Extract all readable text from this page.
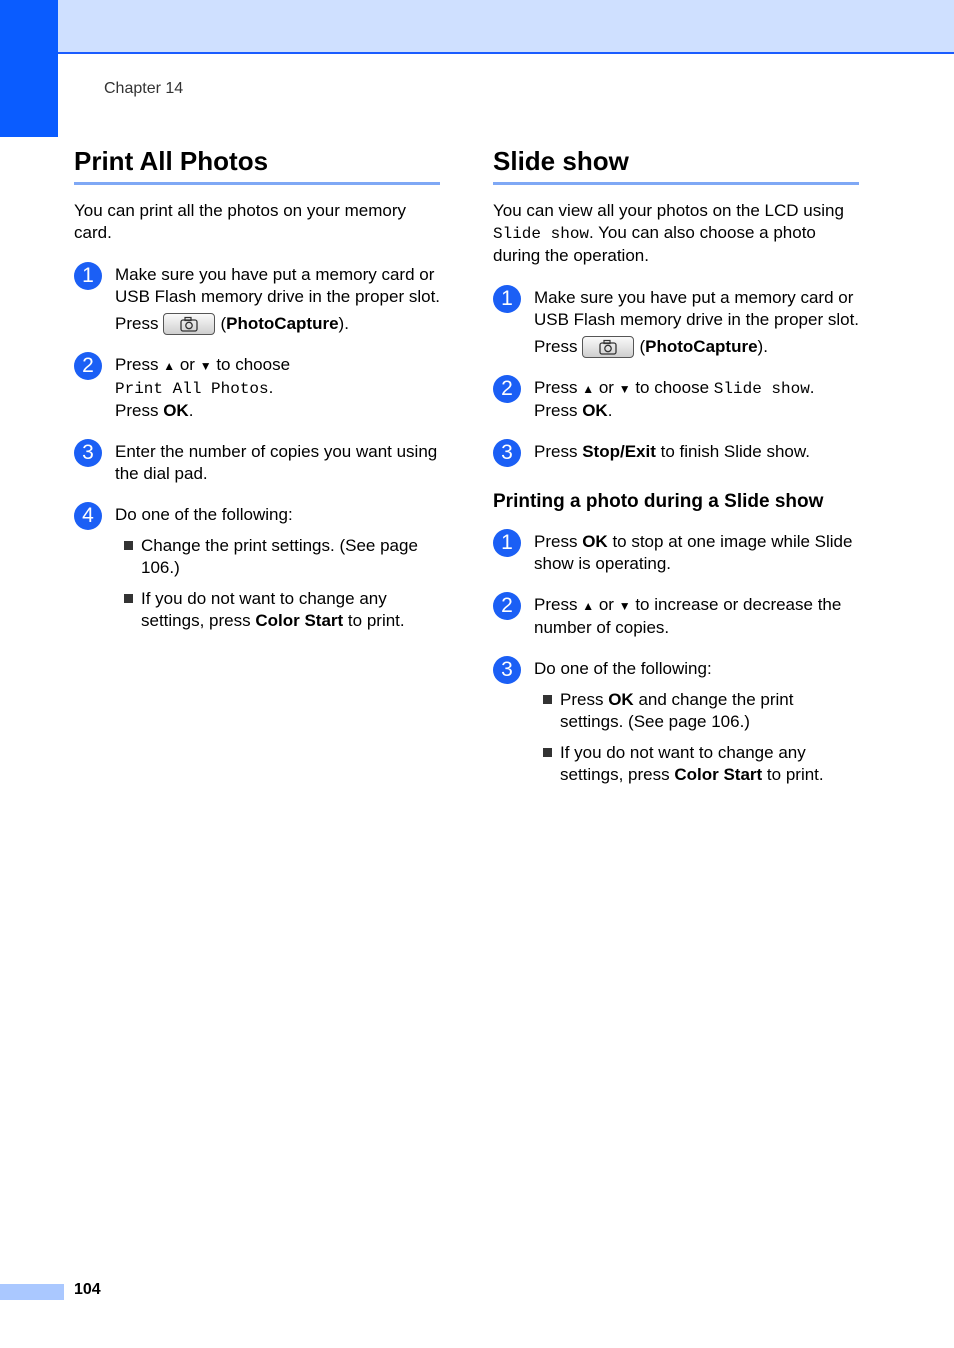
Chapter 14
Print All Photos

You can print all the photos on your memory card.

1	Make sure you have put a memory card or USB Flash memory drive in the proper slot.
Press	( PhotoCapture ).
2	Press ▲ or ▼ to choose
Print All Photos.
Press OK.
3	Enter the number of copies you want using the dial pad.
4	Do one of the following:
Change the print settings. (See page 106.)
If you do not want to change any settings, press Color Start to print.
Slide show

You can view all your photos on the LCD using Slide show. You can also choose a photo during the operation.

1	Make sure you have put a memory card or USB Flash memory drive in the proper slot.
Press	( PhotoCapture ).
2	Press ▲ or ▼ to choose Slide show.
Press OK.
3	Press Stop/Exit to finish Slide show.
Printing a photo during a Slide show
1	Press OK to stop at one image while Slide show is operating.
2	Press ▲ or ▼ to increase or decrease the number of copies.
3	Do one of the following:
Press OK and change the print settings. (See page 106.)
If you do not want to change any settings, press Color Start to print.
104
